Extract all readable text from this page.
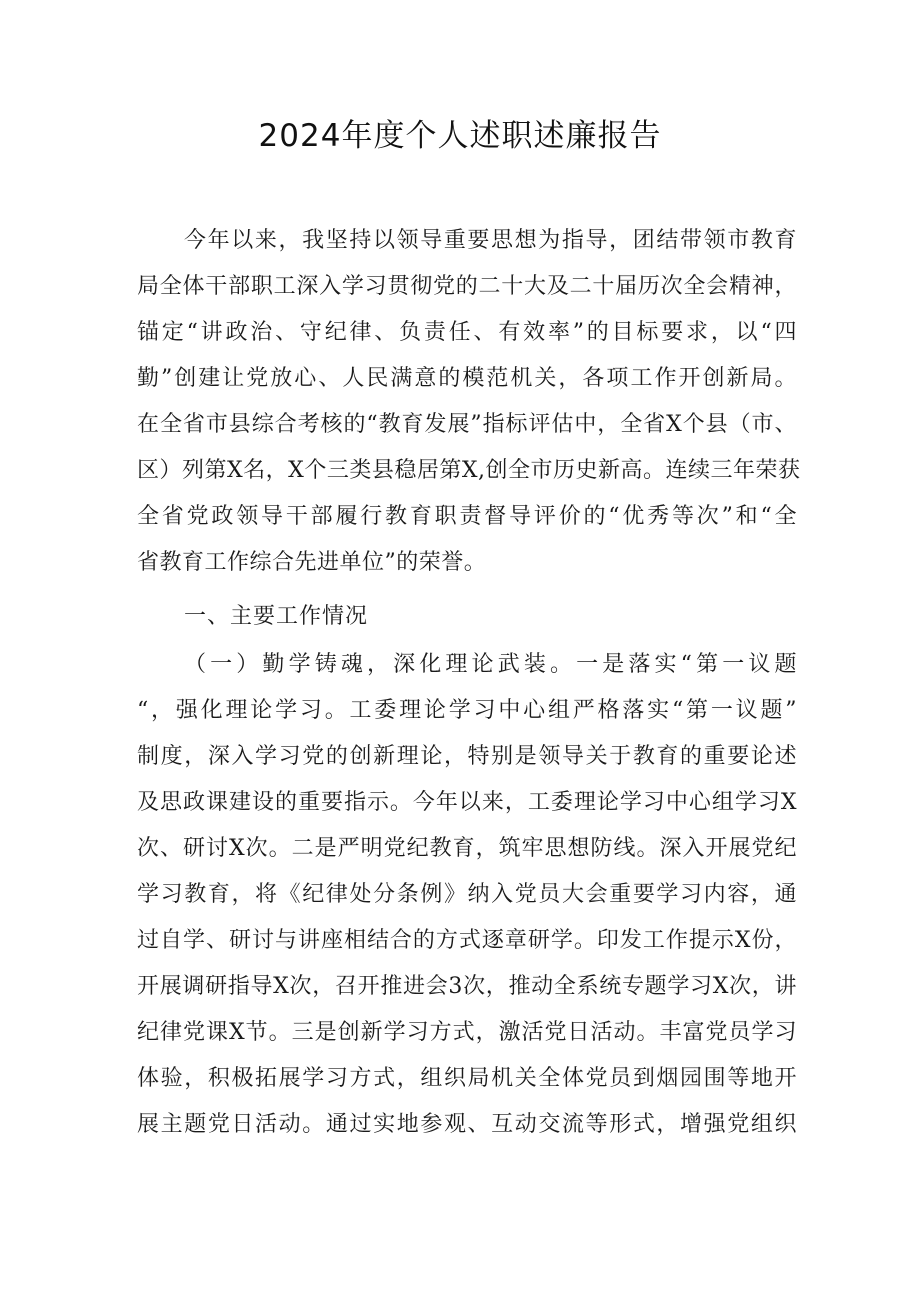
2024年度个人述职述廉报告
今年以来，我坚持以领导重要思想为指导，团结带领市教育
局全体干部职工深入学习贯彻党的二十大及二十届历次全会精神，
锚定“讲政治、守纪律、负责任、有效率”的目标要求，以“四
勤”创建让党放心、人民满意的模范机关，各项工作开创新局。
在全省市县综合考核的“教育发展”指标评估中，全省X个县（市、
区）列第X名，X个三类县稳居第X,创全市历史新高。连续三年荣获
全省党政领导干部履行教育职责督导评价的“优秀等次”和“全
省教育工作综合先进单位”的荣誉。
一、主要工作情况
（一）勤学铸魂，深化理论武装。一是落实“第一议题
“，强化理论学习。工委理论学习中心组严格落实“第一议题”
制度，深入学习党的创新理论，特别是领导关于教育的重要论述
及思政课建设的重要指示。今年以来，工委理论学习中心组学习X
次、研讨X次。二是严明党纪教育，筑牢思想防线。深入开展党纪
学习教育，将《纪律处分条例》纳入党员大会重要学习内容，通
过自学、研讨与讲座相结合的方式逐章研学。印发工作提示X份，
开展调研指导X次，召开推进会3次，推动全系统专题学习X次，讲
纪律党课X节。三是创新学习方式，激活党日活动。丰富党员学习
体验，积极拓展学习方式，组织局机关全体党员到烟园围等地开
展主题党日活动。通过实地参观、互动交流等形式，增强党组织
